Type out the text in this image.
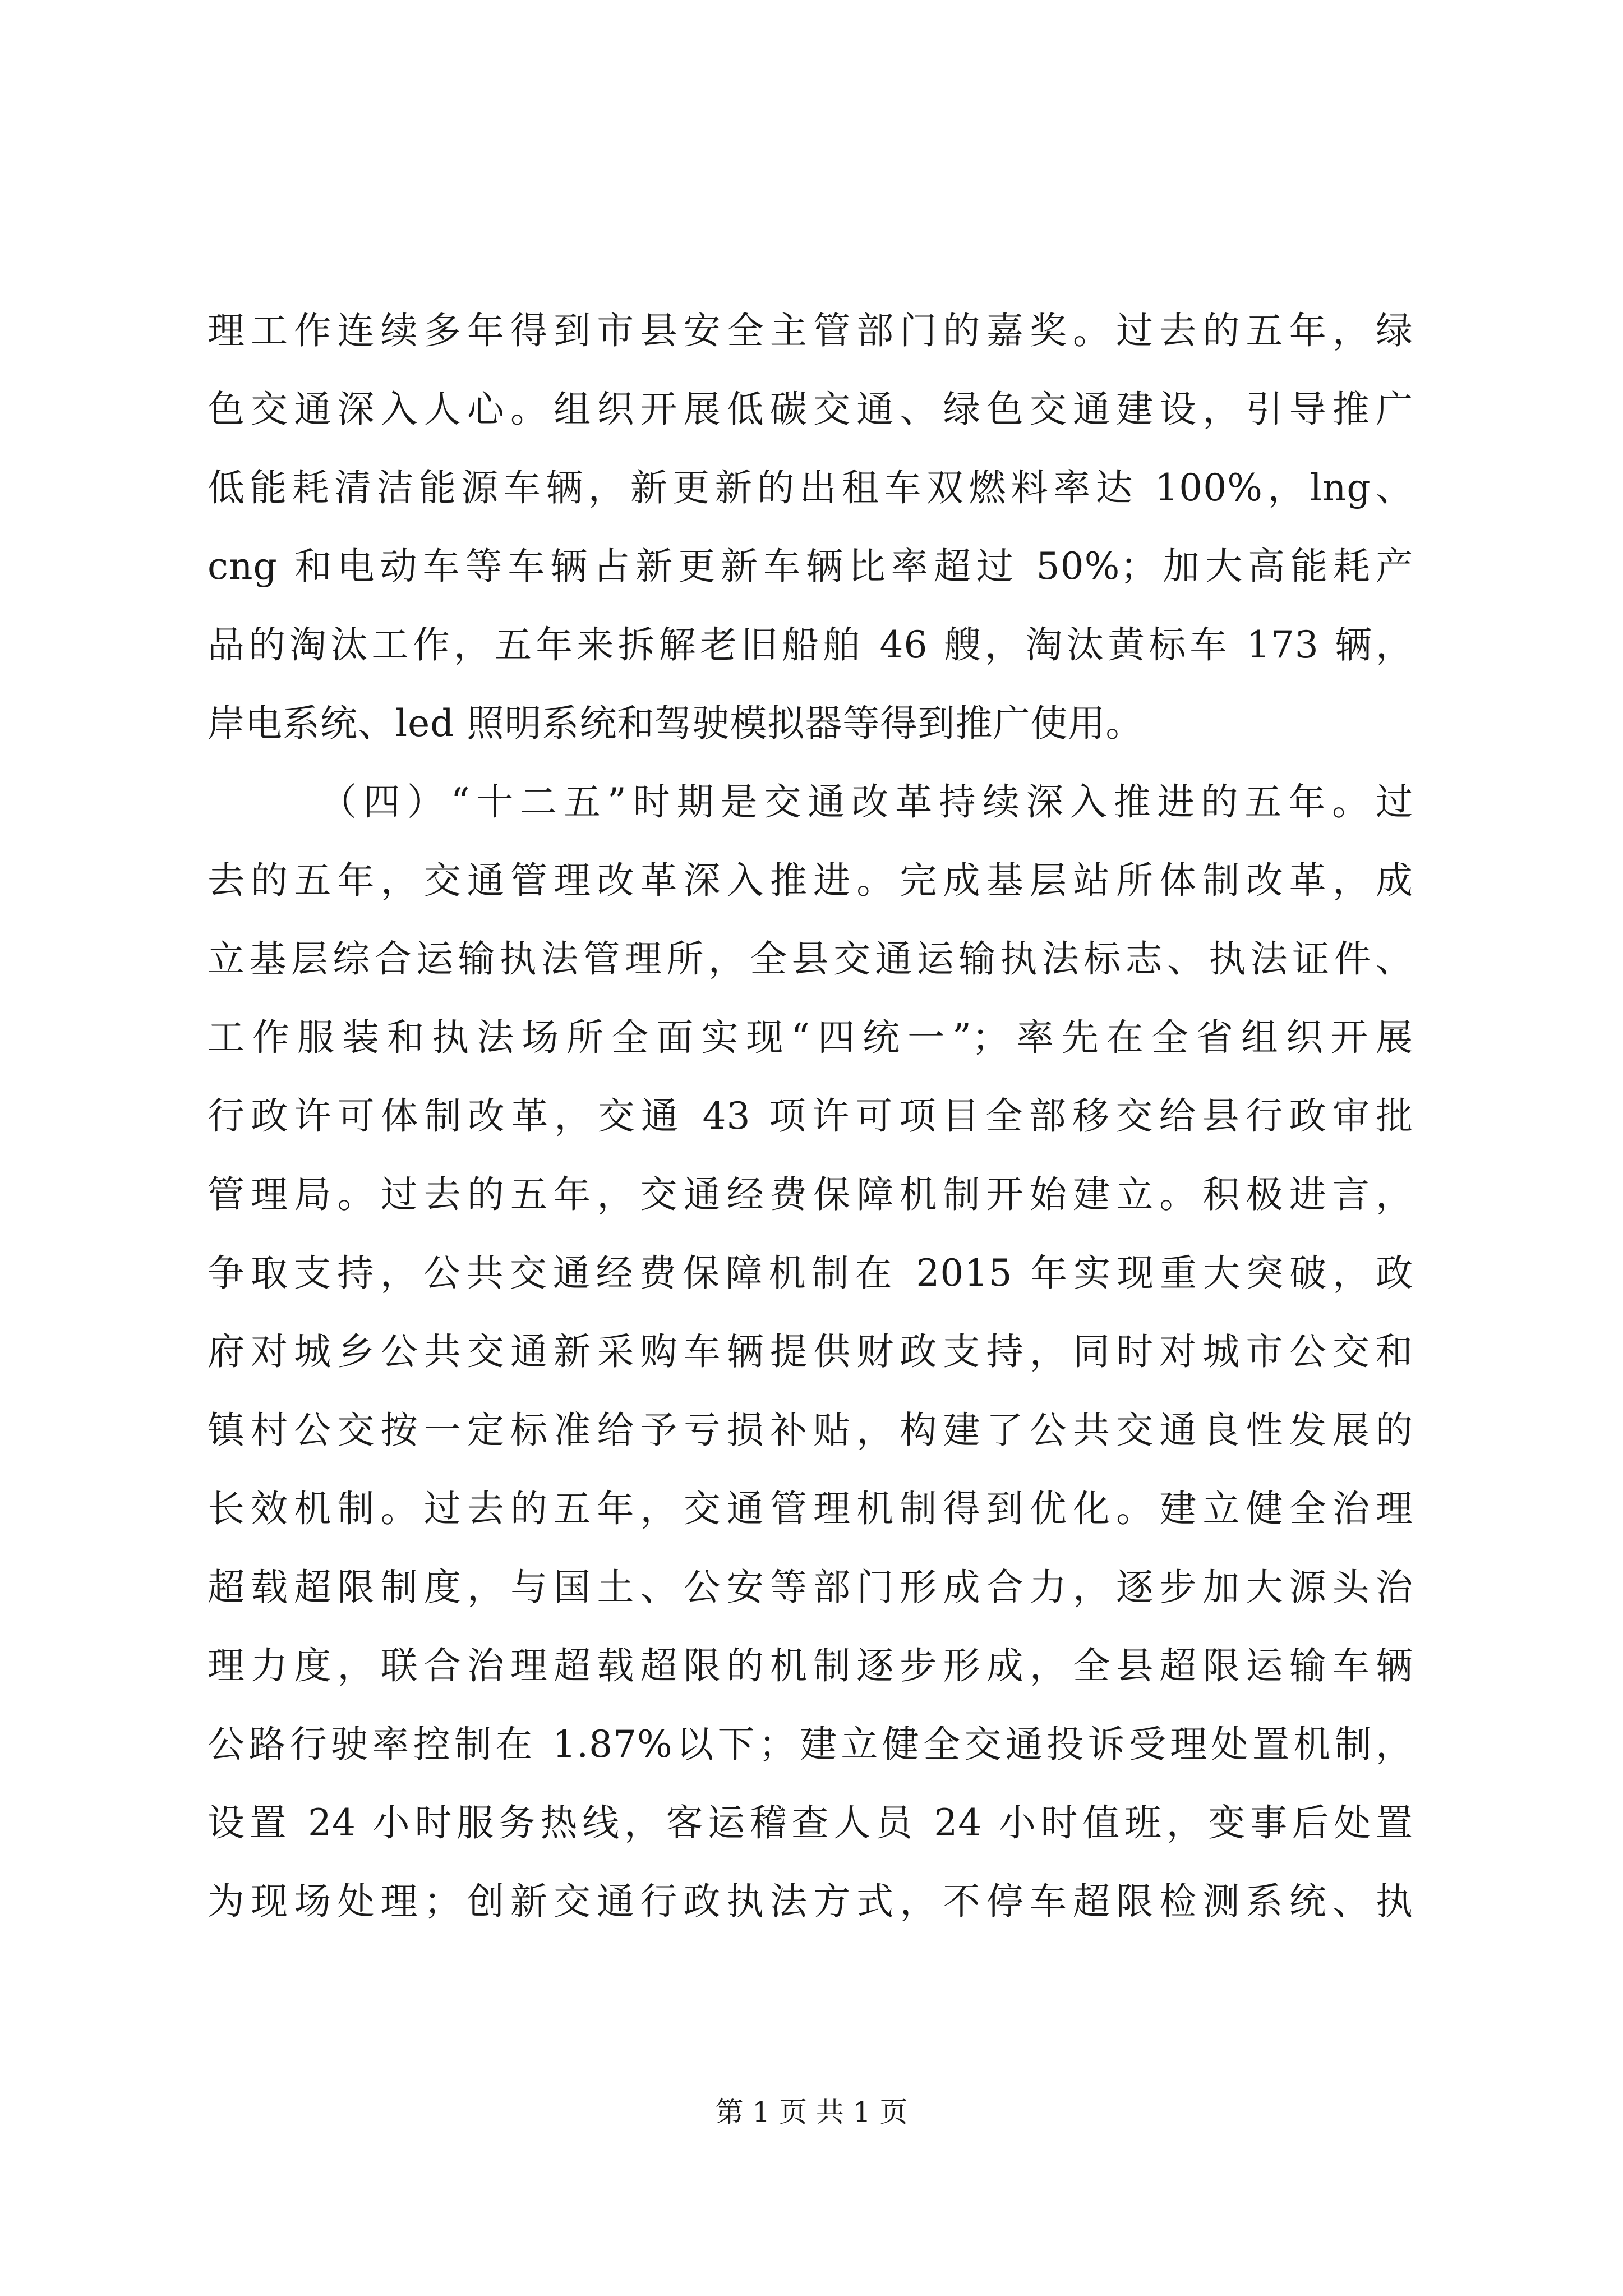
理工作连续多年得到市县安全主管部门的嘉奖。过去的五年，绿
色交通深入人心。组织开展低碳交通、绿色交通建设，引导推广
低能耗清洁能源车辆，新更新的出租车双燃料率达 100%，lng、
cng 和电动车等车辆占新更新车辆比率超过 50%；加大高能耗产
品的淘汰工作，五年来拆解老旧船舶 46 艘，淘汰黄标车 173 辆，
岸电系统、led 照明系统和驾驶模拟器等得到推广使用。
（四）“十二五”时期是交通改革持续深入推进的五年。过
去的五年，交通管理改革深入推进。完成基层站所体制改革，成
立基层综合运输执法管理所，全县交通运输执法标志、执法证件、
工作服装和执法场所全面实现“四统一”；率先在全省组织开展
行政许可体制改革，交通 43 项许可项目全部移交给县行政审批
管理局。过去的五年，交通经费保障机制开始建立。积极进言，
争取支持，公共交通经费保障机制在 2015 年实现重大突破，政
府对城乡公共交通新采购车辆提供财政支持，同时对城市公交和
镇村公交按一定标准给予亏损补贴，构建了公共交通良性发展的
长效机制。过去的五年，交通管理机制得到优化。建立健全治理
超载超限制度，与国土、公安等部门形成合力，逐步加大源头治
理力度，联合治理超载超限的机制逐步形成，全县超限运输车辆
公路行驶率控制在 1.87%以下；建立健全交通投诉受理处置机制，
设置 24 小时服务热线，客运稽查人员 24 小时值班，变事后处置
为现场处理；创新交通行政执法方式，不停车超限检测系统、执
第 1 页 共 1 页
